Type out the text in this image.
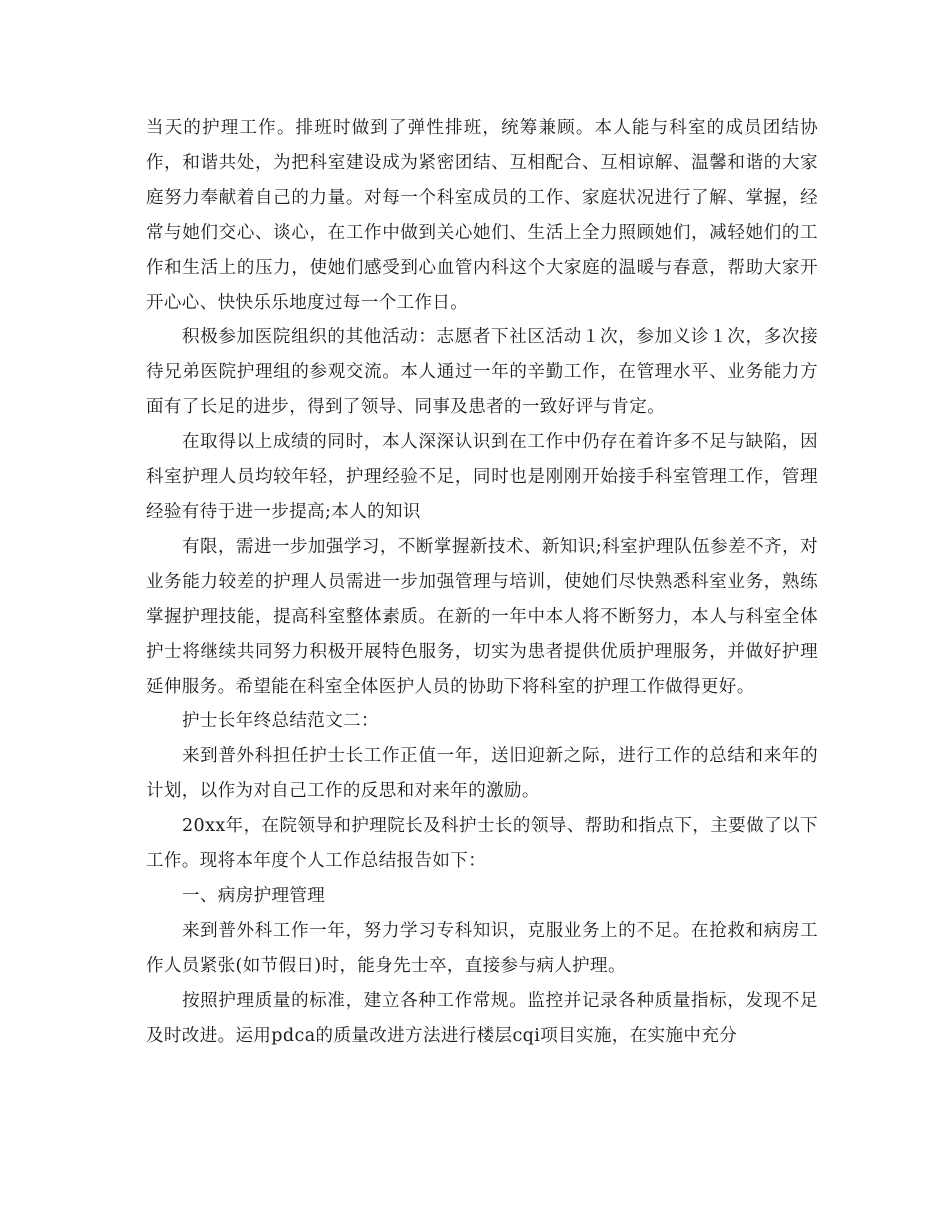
当天的护理工作。排班时做到了弹性排班，统筹兼顾。本人能与科室的成员团结协作，和谐共处，为把科室建设成为紧密团结、互相配合、互相谅解、温馨和谐的大家庭努力奉献着自己的力量。对每一个科室成员的工作、家庭状况进行了解、掌握，经常与她们交心、谈心，在工作中做到关心她们、生活上全力照顾她们，减轻她们的工作和生活上的压力，使她们感受到心血管内科这个大家庭的温暖与春意，帮助大家开开心心、快快乐乐地度过每一个工作日。

积极参加医院组织的其他活动：志愿者下社区活动１次，参加义诊１次，多次接待兄弟医院护理组的参观交流。本人通过一年的辛勤工作，在管理水平、业务能力方面有了长足的进步，得到了领导、同事及患者的一致好评与肯定。

在取得以上成绩的同时，本人深深认识到在工作中仍存在着许多不足与缺陷，因科室护理人员均较年轻，护理经验不足，同时也是刚刚开始接手科室管理工作，管理经验有待于进一步提高;本人的知识

有限，需进一步加强学习，不断掌握新技术、新知识;科室护理队伍参差不齐，对业务能力较差的护理人员需进一步加强管理与培训，使她们尽快熟悉科室业务，熟练掌握护理技能，提高科室整体素质。在新的一年中本人将不断努力，本人与科室全体护士将继续共同努力积极开展特色服务，切实为患者提供优质护理服务，并做好护理延伸服务。希望能在科室全体医护人员的协助下将科室的护理工作做得更好。

护士长年终总结范文二：

来到普外科担任护士长工作正值一年，送旧迎新之际，进行工作的总结和来年的计划，以作为对自己工作的反思和对来年的激励。

20xx年，在院领导和护理院长及科护士长的领导、帮助和指点下，主要做了以下工作。现将本年度个人工作总结报告如下：

一、病房护理管理

来到普外科工作一年，努力学习专科知识，克服业务上的不足。在抢救和病房工作人员紧张(如节假日)时，能身先士卒，直接参与病人护理。

按照护理质量的标准，建立各种工作常规。监控并记录各种质量指标，发现不足及时改进。运用pdca的质量改进方法进行楼层cqi项目实施，在实施中充分
